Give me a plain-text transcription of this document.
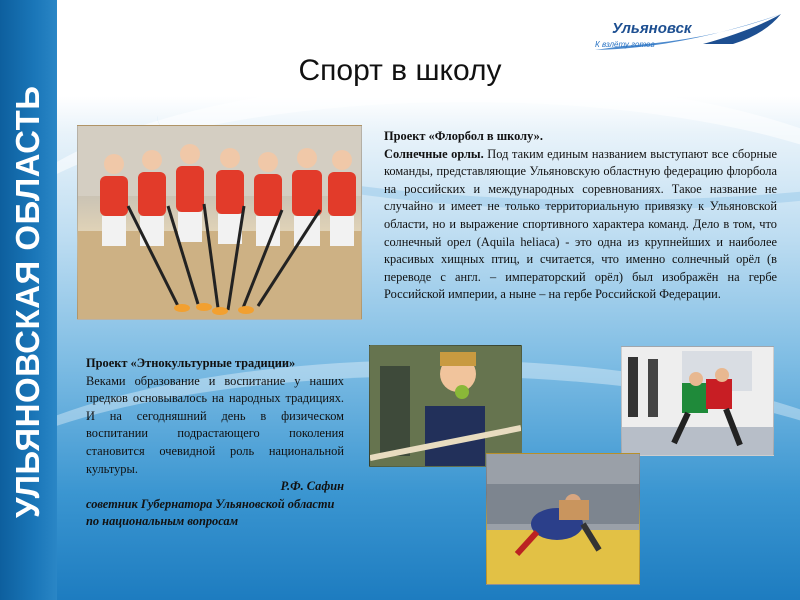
УЛЬЯНОВСКАЯ ОБЛАСТЬ
Ульяновск
К взлёту готов
Спорт в школу

Проект «Флорбол в школу».

Солнечные орлы. Под таким единым названием выступают все сборные команды, представляющие Ульяновскую областную федерацию флорбола на российских и международных соревнованиях. Такое название не случайно и имеет не только территориальную привязку к Ульяновской области, но и выражение спортивного характера команд. Дело в том, что солнечный орел (Aquila heliaca) - это одна из крупнейших и наиболее красивых хищных птиц, и считается, что именно солнечный орёл (в переводе с англ. – императорский орёл) был изображён на гербе Российской империи, а ныне – на гербе Российской Федерации.

Проект «Этнокультурные традиции»

Веками образование и воспитание у наших предков основывалось на народных традициях. И на сегодняшний день в физическом воспитании подрастающего поколения становится очевидной роль национальной культуры.

Р.Ф. Сафин

советник Губернатора Ульяновской области по национальным вопросам
